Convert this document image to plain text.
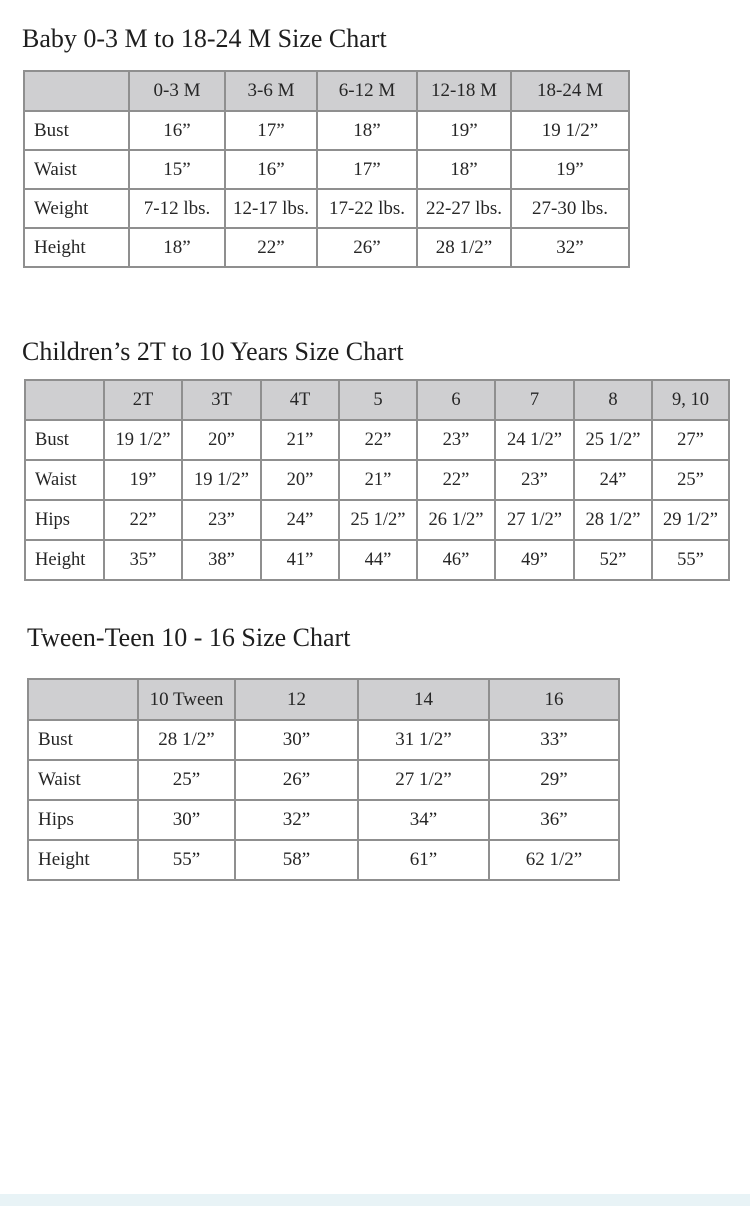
Baby 0-3 M to 18-24 M Size Chart
	0-3 M	3-6 M	6-12 M	12-18 M	18-24 M
Bust	16”	17”	18”	19”	19 1/2”
Waist	15”	16”	17”	18”	19”
Weight	7-12 lbs.	12-17 lbs.	17-22 lbs.	22-27 lbs.	27-30 lbs.
Height	18”	22”	26”	28 1/2”	32”
Children’s 2T to 10 Years Size Chart
	2T	3T	4T	5	6	7	8	9, 10
Bust	19 1/2”	20”	21”	22”	23”	24 1/2”	25 1/2”	27”
Waist	19”	19 1/2”	20”	21”	22”	23”	24”	25”
Hips	22”	23”	24”	25 1/2”	26 1/2”	27 1/2”	28 1/2”	29 1/2”
Height	35”	38”	41”	44”	46”	49”	52”	55”
Tween-Teen 10 - 16 Size Chart
	10 Tween	12	14	16
Bust	28 1/2”	30”	31 1/2”	33”
Waist	25”	26”	27 1/2”	29”
Hips	30”	32”	34”	36”
Height	55”	58”	61”	62 1/2”
